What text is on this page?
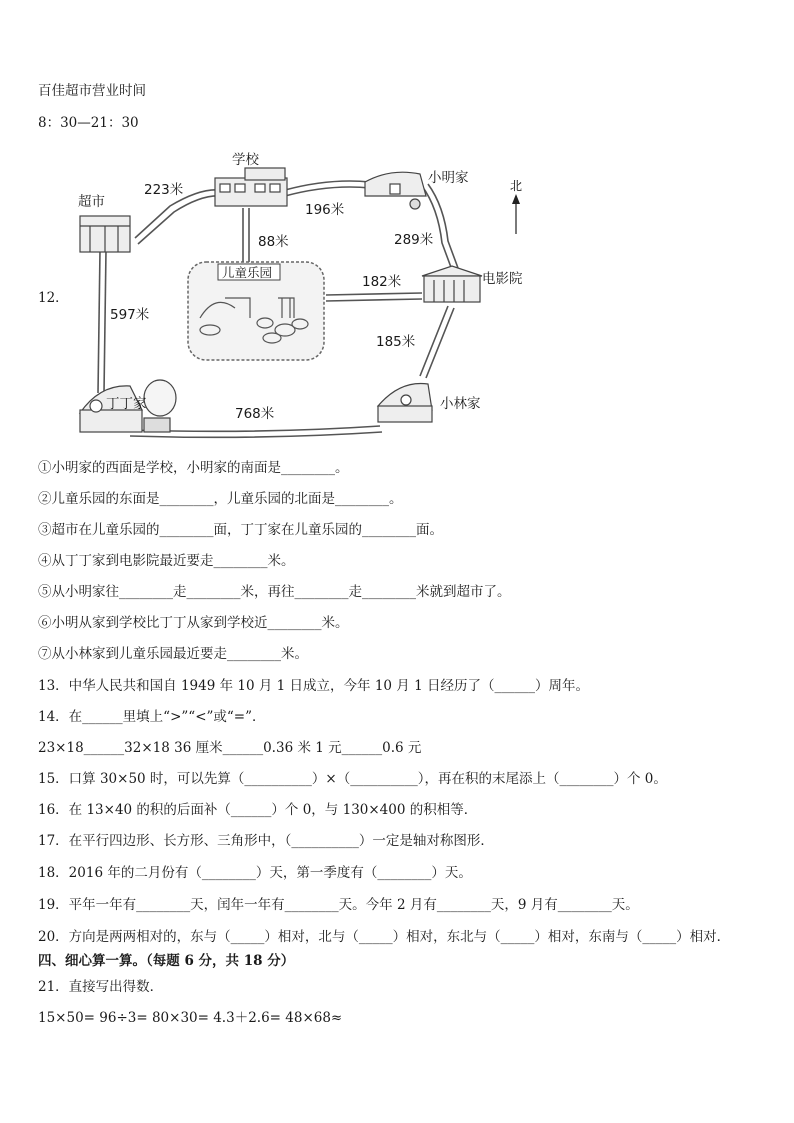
百佳超市营业时间
8：30—21：30
12．
学校
超市
小明家
电影院
儿童乐园
丁丁家	小林家
223米
196米
88米	289米
182米
597米
185米
768米
北
①小明家的西面是学校，小明家的南面是________。
②儿童乐园的东面是________，儿童乐园的北面是________。
③超市在儿童乐园的________面，丁丁家在儿童乐园的________面。
④从丁丁家到电影院最近要走________米。
⑤从小明家往________走________米，再往________走________米就到超市了。
⑥小明从家到学校比丁丁从家到学校近________米。
⑦从小林家到儿童乐园最近要走________米。
13．中华人民共和国自 1949 年 10 月 1 日成立，今年 10 月 1 日经历了（______）周年。
14．在______里填上“>”“<”或“=”．
23×18______32×18 36 厘米______0.36 米 1 元______0.6 元
15．口算 30×50 时，可以先算（__________）×（__________），再在积的末尾添上（________）个 0。
16．在 13×40 的积的后面补（______）个 0，与 130×400 的积相等．
17．在平行四边形、长方形、三角形中，（__________）一定是轴对称图形．
18．2016 年的二月份有（________）天，第一季度有（________）天。
19．平年一年有________天，闰年一年有________天。今年 2 月有________天，9 月有________天。
20．方向是两两相对的，东与（_____）相对，北与（_____）相对，东北与（_____）相对，东南与（_____）相对．
四、细心算一算。（每题 6 分，共 18 分）
21．直接写出得数．
15×50= 96÷3= 80×30= 4.3＋2.6= 48×68≈
